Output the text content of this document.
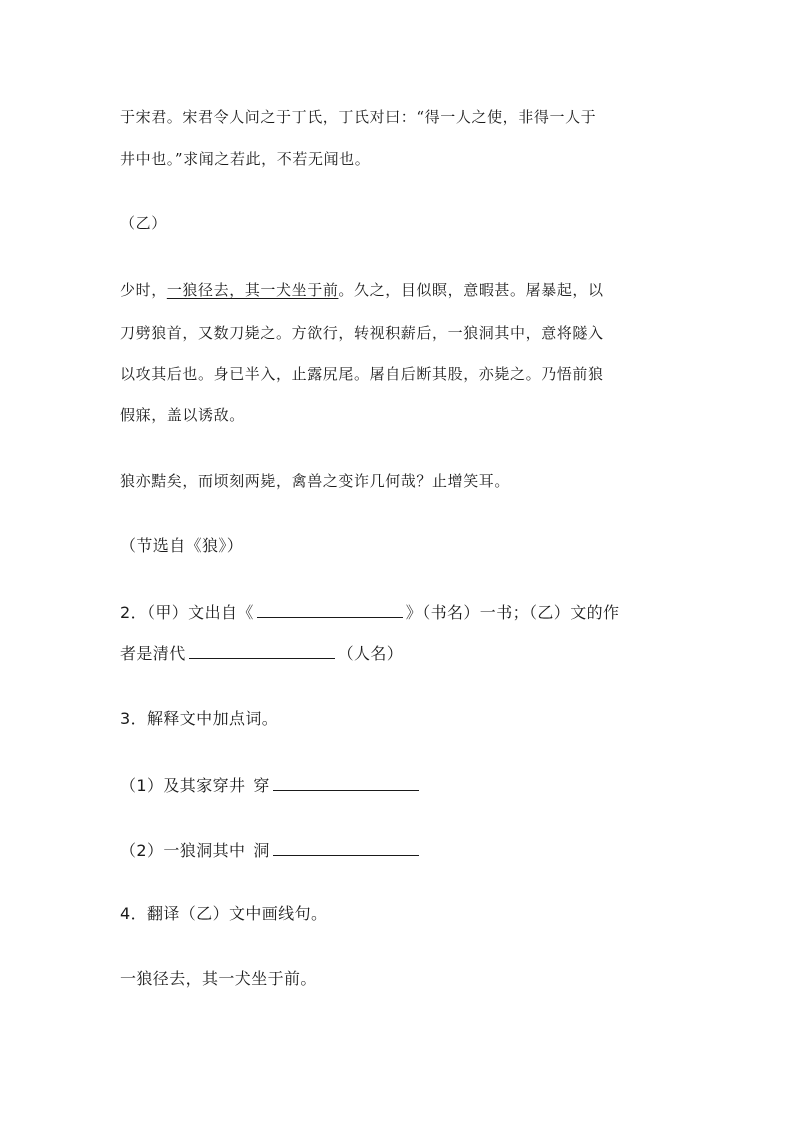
于宋君。宋君令人问之于丁氏，丁氏对曰：“得一人之使，非得一人于
井中也。”求闻之若此，不若无闻也。
（乙）
少时，一狼径去，其一犬坐于前。久之，目似瞑，意暇甚。屠暴起，以
刀劈狼首，又数刀毙之。方欲行，转视积薪后，一狼洞其中，意将隧入
以攻其后也。身已半入，止露尻尾。屠自后断其股，亦毙之。乃悟前狼
假寐，盖以诱敌。
狼亦黠矣，而顷刻两毙，禽兽之变诈几何哉？止增笑耳。
（节选自《狼》）
2．（甲）文出自《	》（书名）一书；（乙）文的作
者是清代	（人名）
3．解释文中加点词。
（1）及其家穿井 穿
（2）一狼洞其中 洞
4．翻译（乙）文中画线句。
一狼径去，其一犬坐于前。
